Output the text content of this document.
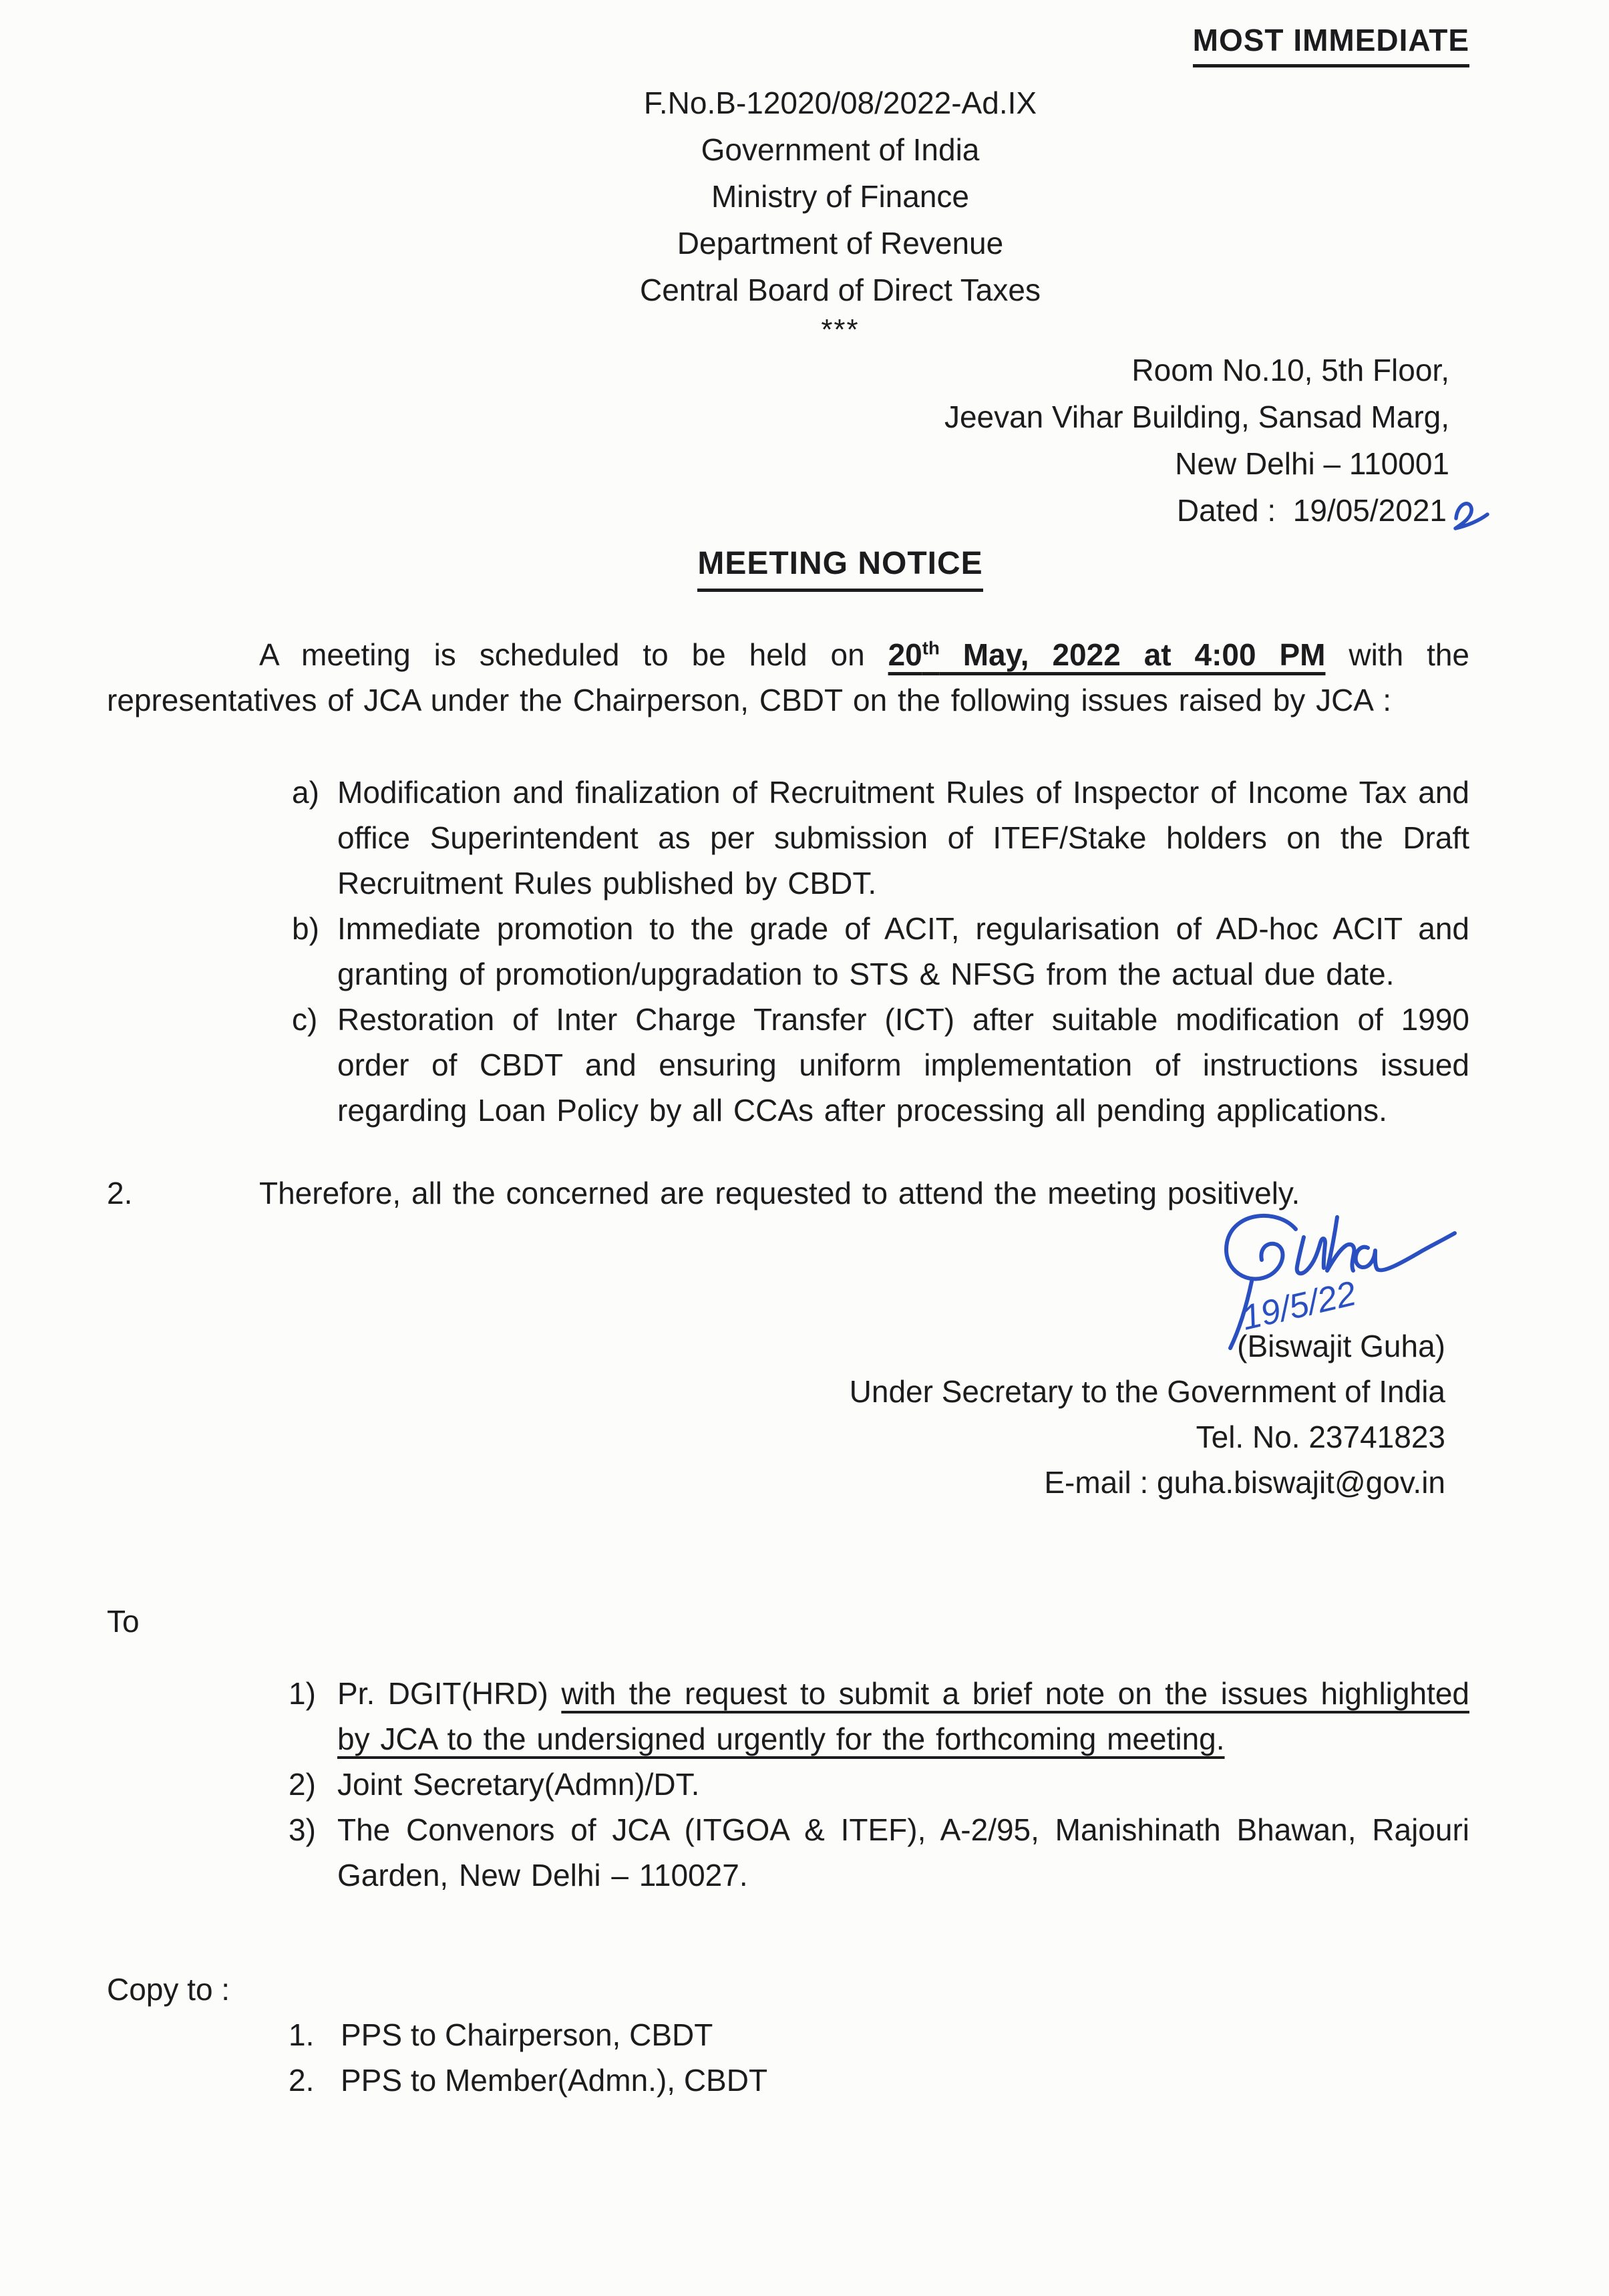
MOST IMMEDIATE
F.No.B-12020/08/2022-Ad.IX
Government of India
Ministry of Finance
Department of Revenue
Central Board of Direct Taxes
***
Room No.10, 5th Floor,
Jeevan Vihar Building, Sansad Marg,
New Delhi – 110001
Dated :  19/05/2021
MEETING NOTICE

A meeting is scheduled to be held on 20th May, 2022 at 4:00 PM with the representatives of JCA under the Chairperson, CBDT on the following issues raised by JCA :

a) Modification and finalization of Recruitment Rules of Inspector of Income Tax and office Superintendent as per submission of ITEF/Stake holders on the Draft Recruitment Rules published by CBDT.
b) Immediate promotion to the grade of ACIT, regularisation of AD-hoc ACIT and granting of promotion/upgradation to STS & NFSG from the actual due date.
c) Restoration of Inter Charge Transfer (ICT) after suitable modification of 1990 order of CBDT and ensuring uniform implementation of instructions issued regarding Loan Policy by all CCAs after processing all pending applications.

2.	Therefore, all the concerned are requested to attend the meeting positively.

19/5/22
(Biswajit Guha)
Under Secretary to the Government of India
Tel. No. 23741823
E-mail : guha.biswajit@gov.in
To
1) Pr. DGIT(HRD) with the request to submit a brief note on the issues highlighted by JCA to the undersigned urgently for the forthcoming meeting.
2) Joint Secretary(Admn)/DT.
3) The Convenors of JCA (ITGOA & ITEF), A-2/95, Manishinath Bhawan, Rajouri Garden, New Delhi – 110027.
Copy to :
1. PPS to Chairperson, CBDT
2. PPS to Member(Admn.), CBDT
